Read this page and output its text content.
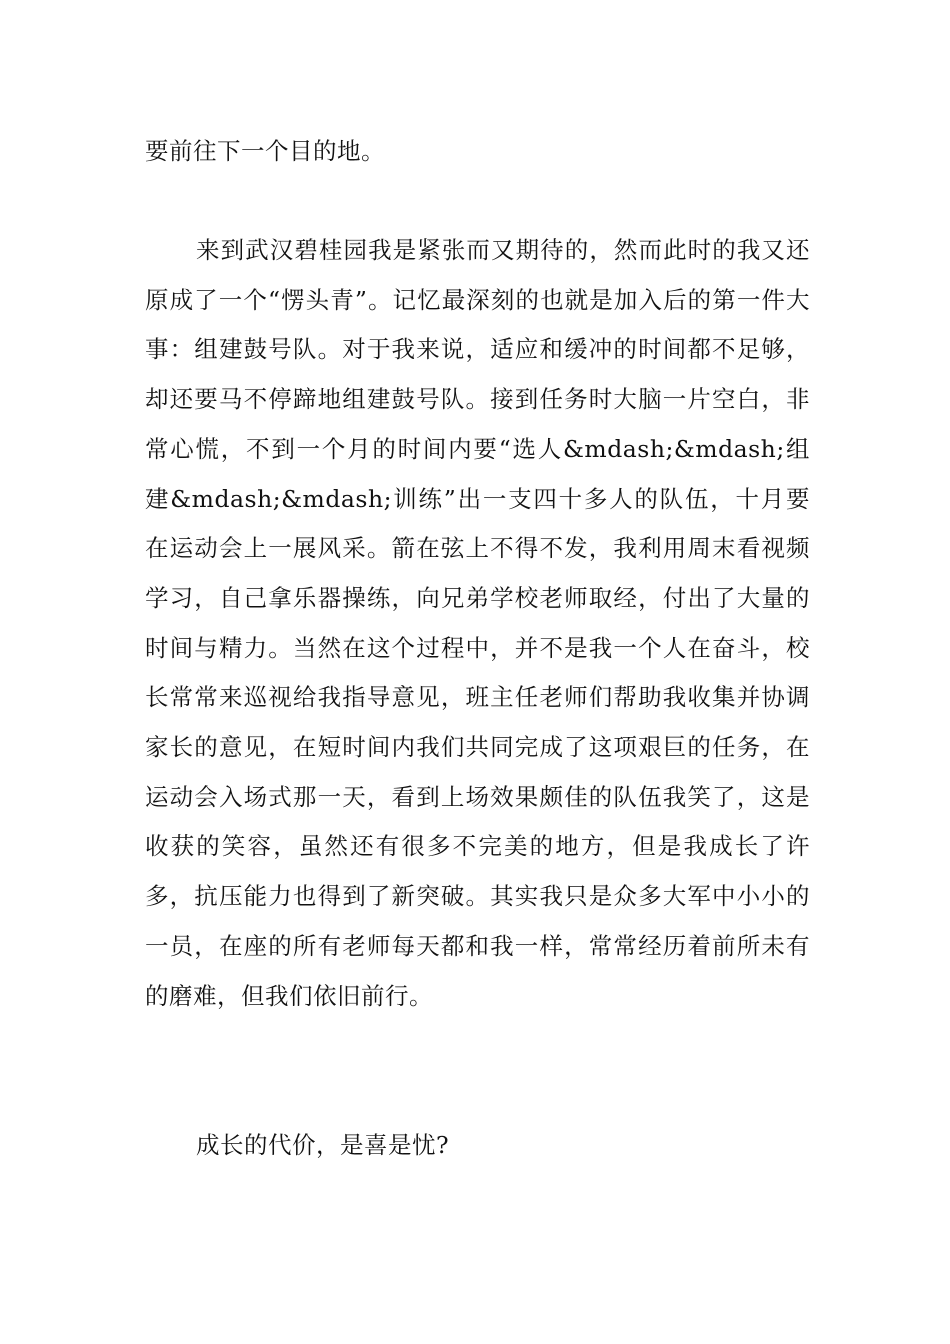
要前往下一个目的地。

来到武汉碧桂园我是紧张而又期待的，然而此时的我又还原成了一个“愣头青”。记忆最深刻的也就是加入后的第一件大事：组建鼓号队。对于我来说，适应和缓冲的时间都不足够，却还要马不停蹄地组建鼓号队。接到任务时大脑一片空白，非常心慌，不到一个月的时间内要“选人&mdash;&mdash;组建&mdash;&mdash;训练”出一支四十多人的队伍，十月要在运动会上一展风采。箭在弦上不得不发，我利用周末看视频学习，自己拿乐器操练，向兄弟学校老师取经，付出了大量的时间与精力。当然在这个过程中，并不是我一个人在奋斗，校长常常来巡视给我指导意见，班主任老师们帮助我收集并协调家长的意见，在短时间内我们共同完成了这项艰巨的任务，在运动会入场式那一天，看到上场效果颇佳的队伍我笑了，这是收获的笑容，虽然还有很多不完美的地方，但是我成长了许多，抗压能力也得到了新突破。其实我只是众多大军中小小的一员，在座的所有老师每天都和我一样，常常经历着前所未有的磨难，但我们依旧前行。

成长的代价，是喜是忧?
